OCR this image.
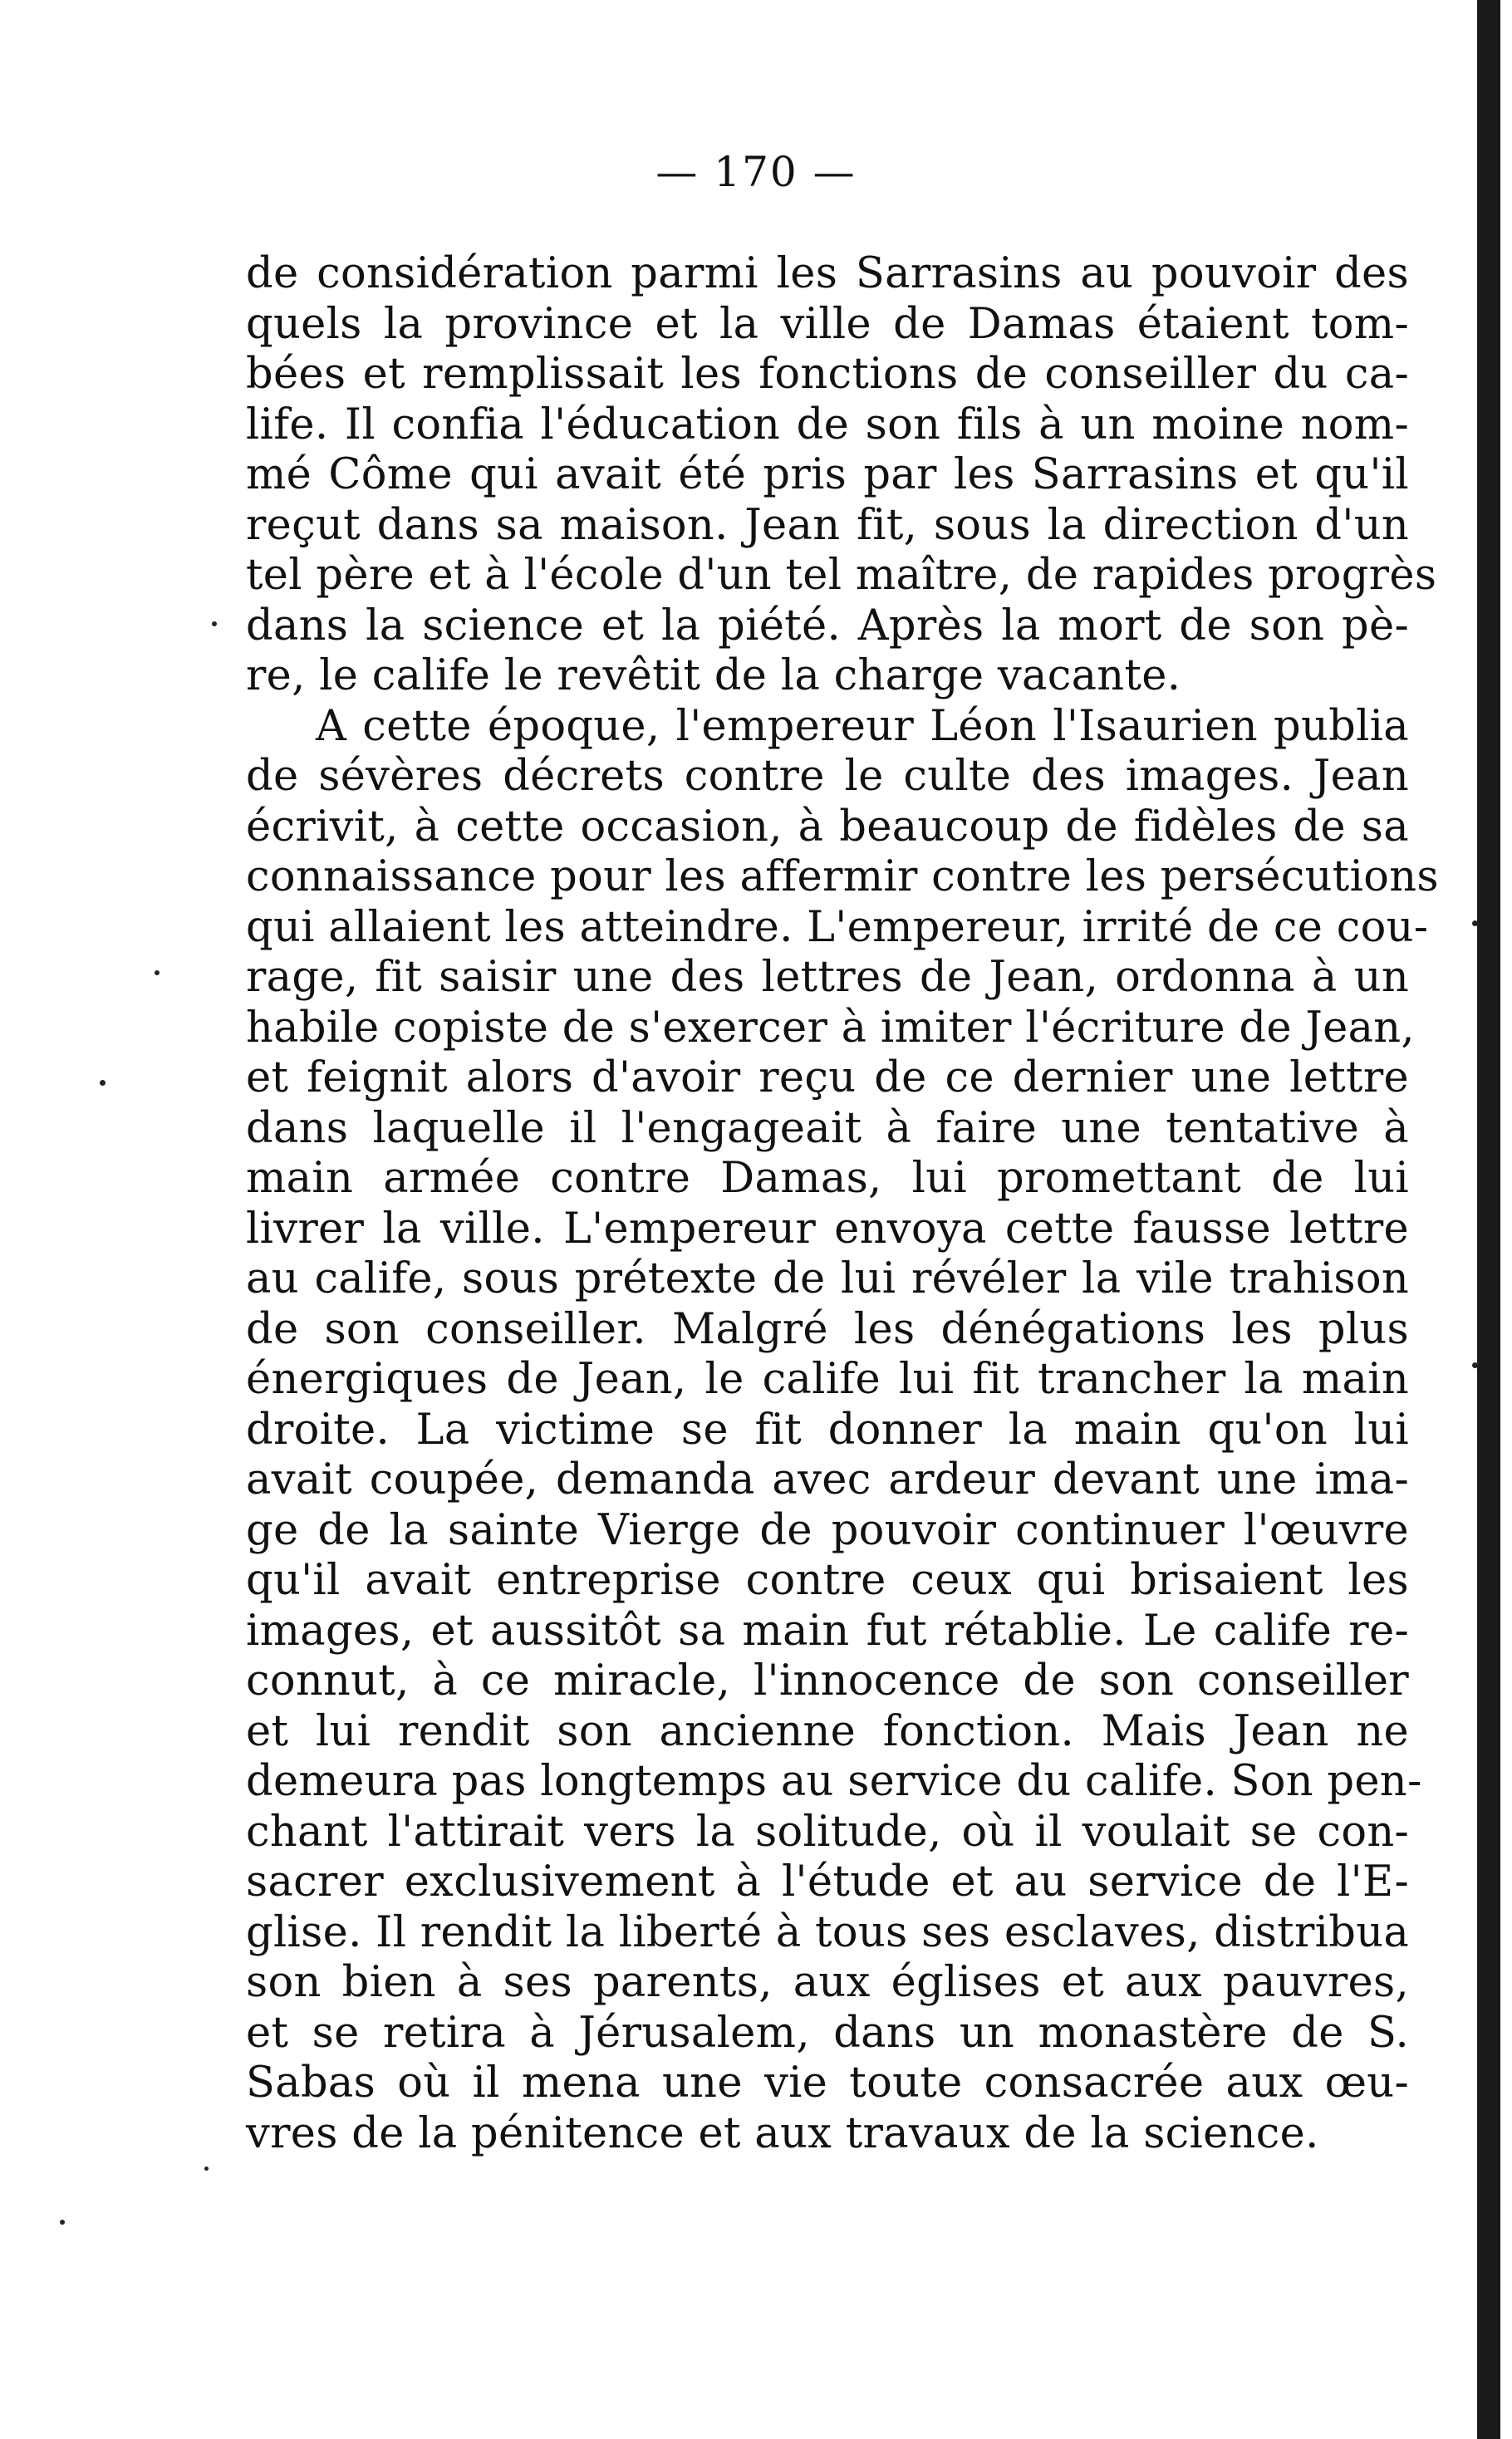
— 170 —
de considération parmi les Sarrasins au pouvoir des
quels la province et la ville de Damas étaient tom-
bées et remplissait les fonctions de conseiller du ca-
life. Il confia l'éducation de son fils à un moine nom-
mé Côme qui avait été pris par les Sarrasins et qu'il
reçut dans sa maison. Jean fit, sous la direction d'un
tel père et à l'école d'un tel maître, de rapides progrès
dans la science et la piété. Après la mort de son pè-
re, le calife le revêtit de la charge vacante.
A cette époque, l'empereur Léon l'Isaurien publia
de sévères décrets contre le culte des images. Jean
écrivit, à cette occasion, à beaucoup de fidèles de sa
connaissance pour les affermir contre les persécutions
qui allaient les atteindre. L'empereur, irrité de ce cou-
rage, fit saisir une des lettres de Jean, ordonna à un
habile copiste de s'exercer à imiter l'écriture de Jean,
et feignit alors d'avoir reçu de ce dernier une lettre
dans laquelle il l'engageait à faire une tentative à
main armée contre Damas, lui promettant de lui
livrer la ville. L'empereur envoya cette fausse lettre
au calife, sous prétexte de lui révéler la vile trahison
de son conseiller. Malgré les dénégations les plus
énergiques de Jean, le calife lui fit trancher la main
droite. La victime se fit donner la main qu'on lui
avait coupée, demanda avec ardeur devant une ima-
ge de la sainte Vierge de pouvoir continuer l'œuvre
qu'il avait entreprise contre ceux qui brisaient les
images, et aussitôt sa main fut rétablie. Le calife re-
connut, à ce miracle, l'innocence de son conseiller
et lui rendit son ancienne fonction. Mais Jean ne
demeura pas longtemps au service du calife. Son pen-
chant l'attirait vers la solitude, où il voulait se con-
sacrer exclusivement à l'étude et au service de l'E-
glise. Il rendit la liberté à tous ses esclaves, distribua
son bien à ses parents, aux églises et aux pauvres,
et se retira à Jérusalem, dans un monastère de S.
Sabas où il mena une vie toute consacrée aux œu-
vres de la pénitence et aux travaux de la science.
